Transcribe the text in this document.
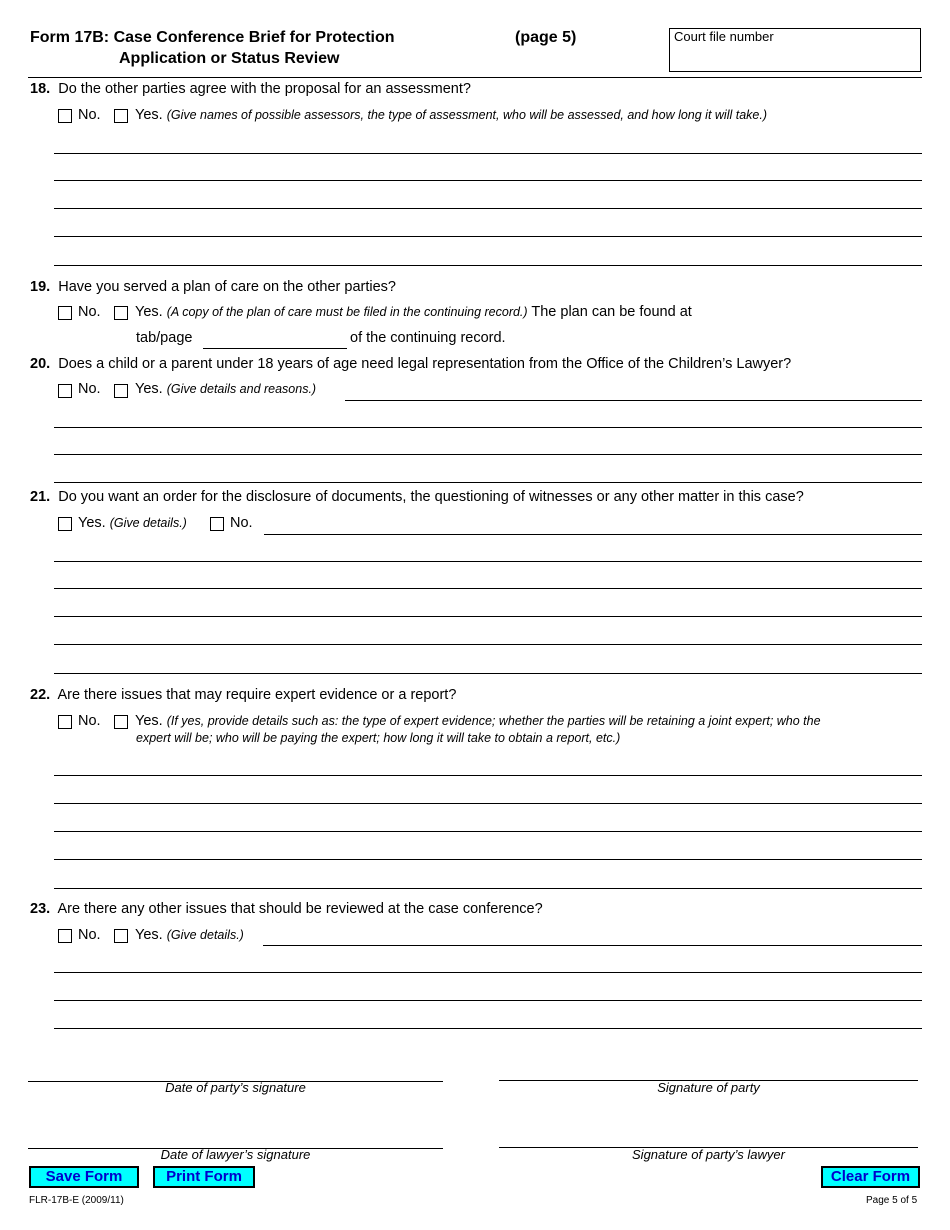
Form 17B: Case Conference Brief for Protection
Application or Status Review
(page 5)	Court file number
18. Do the other parties agree with the proposal for an assessment?
No. Yes. (Give names of possible assessors, the type of assessment, who will be assessed, and how long it will take.)
19. Have you served a plan of care on the other parties?
No. Yes. (A copy of the plan of care must be filed in the continuing record.) The plan can be found at
tab/page	of the continuing record.
20. Does a child or a parent under 18 years of age need legal representation from the Office of the Children’s Lawyer?
No. Yes. (Give details and reasons.)
21. Do you want an order for the disclosure of documents, the questioning of witnesses or any other matter in this case?
Yes. (Give details.)	No.
22. Are there issues that may require expert evidence or a report?
No. Yes. (If yes, provide details such as: the type of expert evidence; whether the parties will be retaining a joint expert; who the
expert will be; who will be paying the expert; how long it will take to obtain a report, etc.)
23. Are there any other issues that should be reviewed at the case conference?
No. Yes. (Give details.)
Date of party’s signature	Signature of party
Date of lawyer’s signature	Signature of party’s lawyer
Save Form	Print Form	Clear Form
FLR-17B-E (2009/11)	Page 5 of 5
